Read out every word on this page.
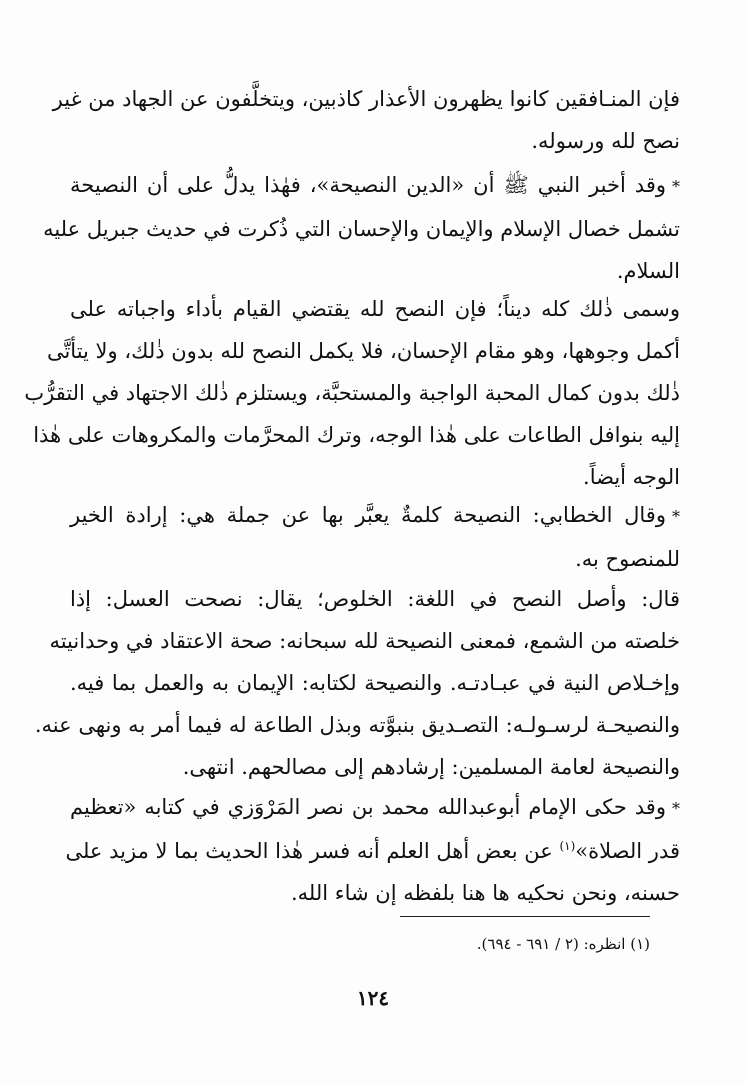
فإن المنـافقين كانوا يظهرون الأعذار كاذبين، ويتخلَّفون عن الجهاد من غير
نصح لله ورسوله.
*وقد أخبر النبي ﷺ أن «الدين النصيحة»، فهٰذا يدلُّ على أن النصيحة
تشمل خصال الإسلام والإيمان والإحسان التي ذُكرت في حديث جبريل عليه
السلام.
وسمى ذٰلك كله ديناً؛ فإن النصح لله يقتضي القيام بأداء واجباته على
أكمل وجوهها، وهو مقام الإحسان، فلا يكمل النصح لله بدون ذٰلك، ولا يتأتَّى
ذٰلك بدون كمال المحبة الواجبة والمستحبَّة، ويستلزم ذٰلك الاجتهاد في التقرُّب
إليه بنوافل الطاعات على هٰذا الوجه، وترك المحرَّمات والمكروهات على هٰذا
الوجه أيضاً.
*وقال الخطابي: النصيحة كلمةٌ يعبَّر بها عن جملة هي: إرادة الخير
للمنصوح به.
قال: وأصل النصح في اللغة: الخلوص؛ يقال: نصحت العسل: إذا
خلصته من الشمع، فمعنى النصيحة لله سبحانه: صحة الاعتقاد في وحدانيته
وإخـلاص النية في عبـادتـه. والنصيحة لكتابه: الإيمان به والعمل بما فيه.
والنصيحـة لرسـولـه: التصـديق بنبوَّته وبذل الطاعة له فيما أمر به ونهى عنه.
والنصيحة لعامة المسلمين: إرشادهم إلى مصالحهم. انتهى.
*وقد حكى الإمام أبوعبدالله محمد بن نصر المَرْوَزي في كتابه «تعظيم
قدر الصلاة»$^{(١)}$ عن بعض أهل العلم أنه فسر هٰذا الحديث بما لا مزيد على
حسنه، ونحن نحكيه ها هنا بلفظه إن شاء الله.
(١) انظره: (٢ / ٦٩١ - ٦٩٤).
١٢٤
